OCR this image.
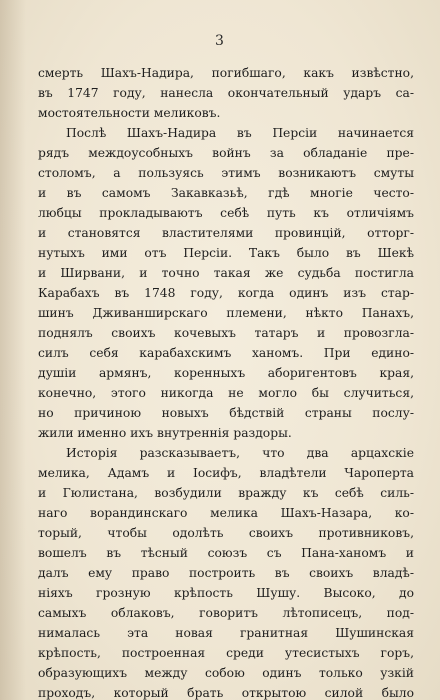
3
смерть Шахъ-Надира, погибшаго, какъ извѣстно,
въ 1747 году, нанесла окончательный ударъ са-
мостоятельности меликовъ.
Послѣ Шахъ-Надира въ Персіи начинается
рядъ междоусобныхъ войнъ за обладаніе пре-
столомъ, а пользуясь этимъ возникаютъ смуты
и въ самомъ Закавказьѣ, гдѣ многіе често-
любцы прокладываютъ себѣ путь къ отличіямъ
и становятся властителями провинцій, отторг-
нутыхъ ими отъ Персіи. Такъ было въ Шекѣ
и Ширвани, и точно такая же судьба постигла
Карабахъ въ 1748 году, когда одинъ изъ стар-
шинъ Дживанширскаго племени, нѣкто Панахъ,
поднялъ своихъ кочевыхъ татаръ и провозгла-
силъ себя карабахскимъ ханомъ. При едино-
душіи армянъ, коренныхъ аборигентовъ края,
конечно, этого никогда не могло бы случиться,
но причиною новыхъ бѣдствій страны послу-
жили именно ихъ внутреннія раздоры.
Исторія разсказываетъ, что два арцахскіе
мелика, Адамъ и Іосифъ, владѣтели Чароперта
и Гюлистана, возбудили вражду къ себѣ силь-
наго ворандинскаго мелика Шахъ-Назара, ко-
торый, чтобы одолѣть своихъ противниковъ,
вошелъ въ тѣсный союзъ съ Пана-ханомъ и
далъ ему право построить въ своихъ владѣ-
ніяхъ грозную крѣпость Шушу. Высоко, до
самыхъ облаковъ, говоритъ лѣтописецъ, под-
нималась эта новая гранитная Шушинская
крѣпость, построенная среди утесистыхъ горъ,
образующихъ между собою одинъ только узкій
проходъ, который брать открытою силой было
